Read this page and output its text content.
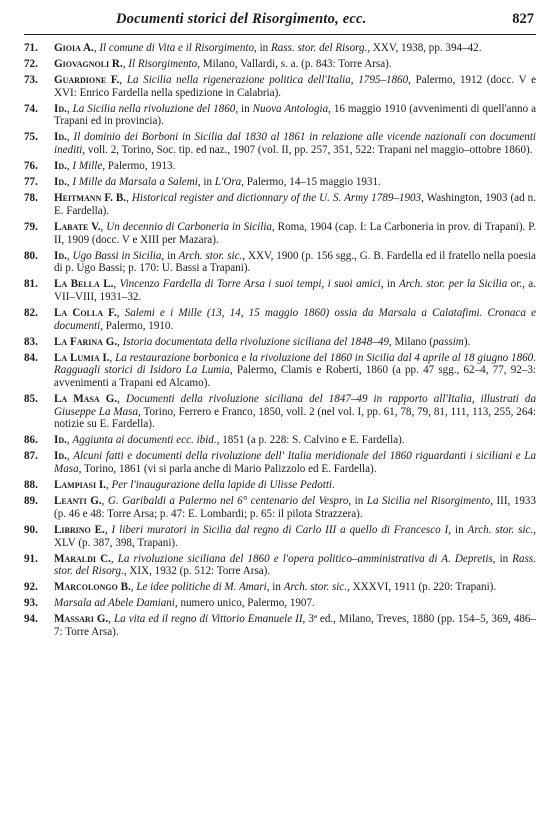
Documenti storici del Risorgimento, ecc.	827
71.	Gioia A., Il comune di Vita e il Risorgimento, in Rass. stor. del Risorg., XXV, 1938, pp. 394–42.
72.	Giovagnoli R., Il Risorgimento, Milano, Vallardi, s. a. (p. 843: Torre Arsa).
73.	Guardione F., La Sicilia nella rigenerazione politica dell'Italia, 1795–1860, Palermo, 1912 (docc. V e XVI: Enrico Fardella nella spedizione in Calabria).
74.	Id., La Sicilia nella rivoluzione del 1860, in Nuova Antologia, 16 maggio 1910 (avvenimenti di quell'anno a Trapani ed in provincia).
75.	Id., Il dominio dei Borboni in Sicilia dal 1830 al 1861 in relazione alle vicende nazionali con documenti inediti, voll. 2, Torino, Soc. tip. ed naz., 1907 (vol. II, pp. 257, 351, 522: Trapani nel maggio–ottobre 1860).
76.	Id., I Mille, Palermo, 1913.
77.	Id., I Mille da Marsala a Salemi, in L'Ora, Palermo, 14–15 maggio 1931.
78.	Heitmann F. B., Historical register and dictionnary of the U. S. Army 1789–1903, Washington, 1903 (ad n. E. Fardella).
79.	Labate V., Un decennio di Carboneria in Sicilia, Roma, 1904 (cap. I: La Carboneria in prov. di Trapani). P. II, 1909 (docc. V e XIII per Mazara).
80.	Id., Ugo Bassi in Sicilia, in Arch. stor. sic., XXV, 1900 (p. 156 sgg., G. B. Fardella ed il fratello nella poesia di p. Ugo Bassi; p. 170: U. Bassi a Trapani).
81.	La Bella L., Vincenzo Fardella di Torre Arsa i suoi tempi, i suoi amici, in Arch. stor. per la Sicilia or., a. VII–VIII, 1931–32.
82.	La Colla F., Salemi e i Mille (13, 14, 15 maggio 1860) ossia da Marsala a Calatafimi. Cronaca e documenti, Palermo, 1910.
83.	La Farina G., Istoria documentata della rivoluzione siciliana del 1848–49, Milano (passim).
84.	La Lumia I., La restaurazione borbonica e la rivoluzione del 1860 in Sicilia dal 4 aprile al 18 giugno 1860. Ragguagli storici di Isidoro La Lumia, Palermo, Clamis e Roberti, 1860 (a pp. 47 sgg., 62–4, 77, 92–3: avvenimenti a Trapani ed Alcamo).
85.	La Masa G., Documenti della rivoluzione siciliana del 1847–49 in rapporto all'Italia, illustrati da Giuseppe La Masa, Torino, Ferrero e Franco, 1850, voll. 2 (nel vol. I, pp. 61, 78, 79, 81, 111, 113, 255, 264: notizie su E. Fardella).
86.	Id., Aggiunta ai documenti ecc. ibid., 1851 (a p. 228: S. Calvino e E. Fardella).
87.	Id., Alcuni fatti e documenti della rivoluzione dell' Italia meridionale del 1860 riguardanti i siciliani e La Masa, Torino, 1861 (vi si parla anche di Mario Palizzolo ed E. Fardella).
88.	Lampiasi I., Per l'inaugurazione della lapide di Ulisse Pedotti.
89.	Leanti G., G. Garibaldi a Palermo nel 6° centenario del Vespro, in La Sicilia nel Risorgimento, III, 1933 (p. 46 e 48: Torre Arsa; p. 47: E. Lombardi; p. 65: il pilota Strazzera).
90.	Librino E., I liberi muratori in Sicilia dal regno di Carlo III a quello di Francesco I, in Arch. stor. sic., XLV (p. 387, 398, Trapani).
91.	Maraldi C., La rivoluzione siciliana del 1860 e l'opera politico–amministrativa di A. Depretis, in Rass. stor. del Risorg., XIX, 1932 (p. 512: Torre Arsa).
92.	Marcolongo B., Le idee politiche di M. Amari, in Arch. stor. sic., XXXVI, 1911 (p. 220: Trapani).
93.	Marsala ad Abele Damiani, numero unico, Palermo, 1907.
94.	Massari G., La vita ed il regno di Vittorio Emanuele II, 3ª ed., Milano, Treves, 1880 (pp. 154–5, 369, 486–7: Torre Arsa).
